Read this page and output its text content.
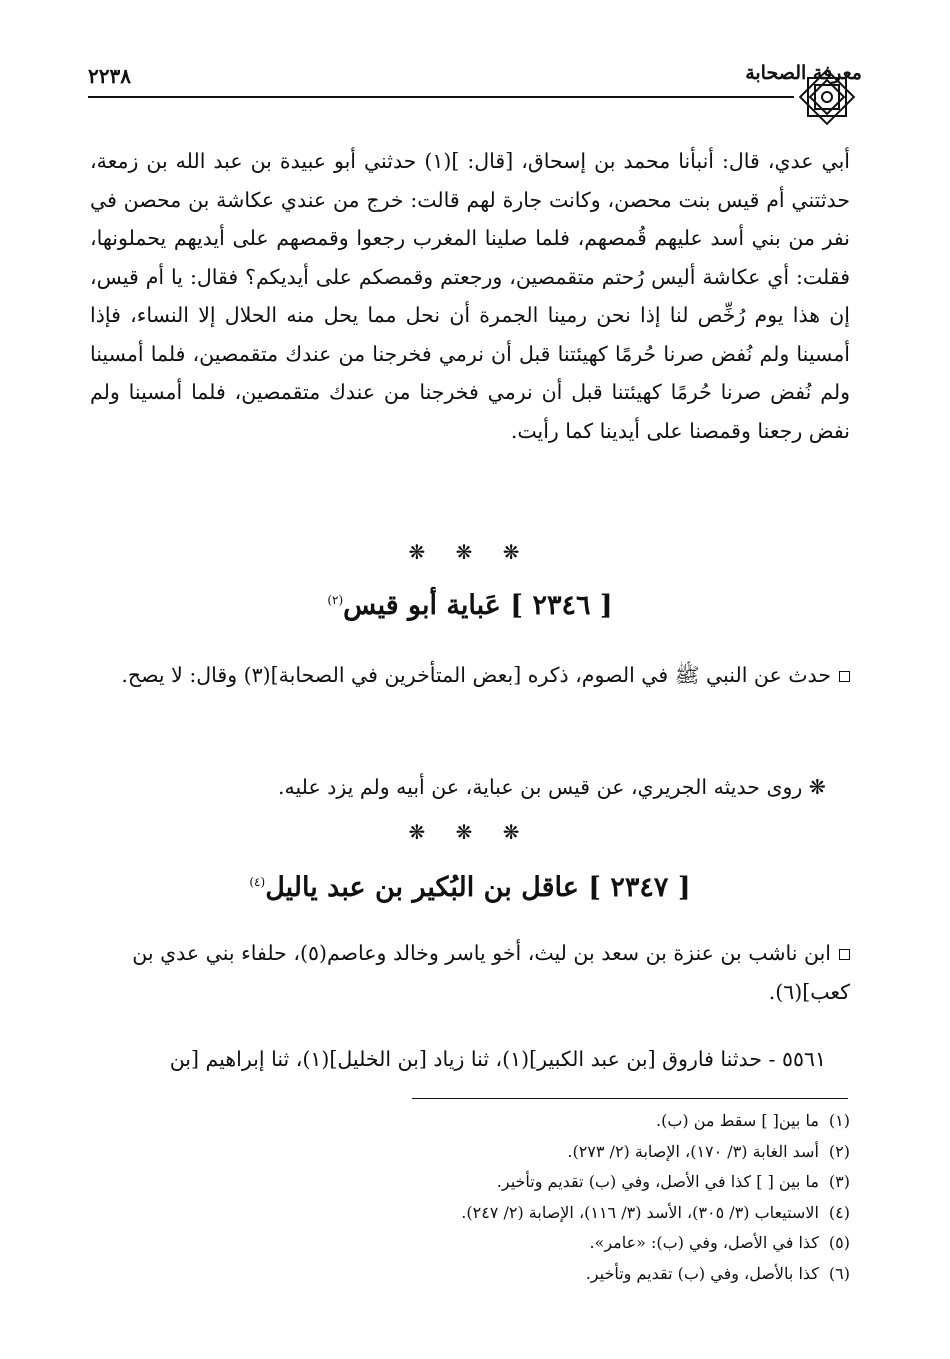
معرفة الصحابة
٢٢٣٨

أبي عدي، قال: أنبأنا محمد بن إسحاق، [قال: ](١) حدثني أبو عبيدة بن عبد الله بن زمعة، حدثتني أم قيس بنت محصن، وكانت جارة لهم قالت: خرج من عندي عكاشة بن محصن في نفر من بني أسد عليهم قُمصهم، فلما صلينا المغرب رجعوا وقمصهم على أيديهم يحملونها، فقلت: أي عكاشة أليس رُحتم متقمصين، ورجعتم وقمصكم على أيديكم؟ فقال: يا أم قيس، إن هذا يوم رُخِّص لنا إذا نحن رمينا الجمرة أن نحل مما يحل منه الحلال إلا النساء، فإذا أمسينا ولم نُفض صرنا حُرمًا كهيئتنا قبل أن نرمي فخرجنا من عندك متقمصين، فلما أمسينا ولم نُفض صرنا حُرمًا كهيئتنا قبل أن نرمي فخرجنا من عندك متقمصين، فلما أمسينا ولم نفض رجعنا وقمصنا على أيدينا كما رأيت.

❋ ❋ ❋
[ ٢٣٤٦ ] عَباية أبو قيس$^{(٢)}$
حدث عن النبي ﷺ في الصوم، ذكره [بعض المتأخرين في الصحابة](٣) وقال: لا يصح.
❋ روى حديثه الجريري، عن قيس بن عباية، عن أبيه ولم يزد عليه.
❋ ❋ ❋
[ ٢٣٤٧ ] عاقل بن البُكير بن عبد ياليل$^{(٤)}$
ابن ناشب بن عنزة بن سعد بن ليث، أخو ياسر وخالد وعاصم(٥)، حلفاء بني عدي بن كعب](٦).
٥٥٦١ - حدثنا فاروق [بن عبد الكبير](١)، ثنا زياد [بن الخليل](١)، ثنا إبراهيم [بن
(١)ما بين[ ] سقط من (ب).
(٢)أسد الغابة (٣/ ١٧٠)، الإصابة (٢/ ٢٧٣).
(٣)ما بين [ ] كذا في الأصل، وفي (ب) تقديم وتأخير.
(٤)الاستيعاب (٣/ ٣٠٥)، الأسد (٣/ ١١٦)، الإصابة (٢/ ٢٤٧).
(٥)كذا في الأصل، وفي (ب): «عامر».
(٦)كذا بالأصل، وفي (ب) تقديم وتأخير.
